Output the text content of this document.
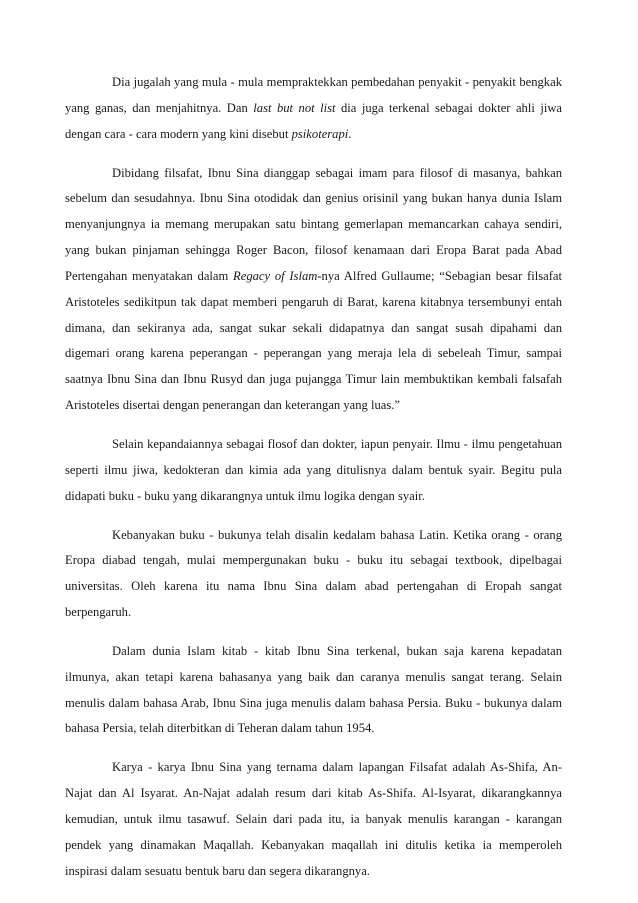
Dia jugalah yang mula - mula mempraktekkan pembedahan penyakit - penyakit bengkak yang ganas, dan menjahitnya. Dan last but not list dia juga terkenal sebagai dokter ahli jiwa dengan cara - cara modern yang kini disebut psikoterapi.

Dibidang filsafat, Ibnu Sina dianggap sebagai imam para filosof di masanya, bahkan sebelum dan sesudahnya. Ibnu Sina otodidak dan genius orisinil yang bukan hanya dunia Islam menyanjungnya ia memang merupakan satu bintang gemerlapan memancarkan cahaya sendiri, yang bukan pinjaman sehingga Roger Bacon, filosof kenamaan dari Eropa Barat pada Abad Pertengahan menyatakan dalam Regacy of Islam-nya Alfred Gullaume; “Sebagian besar filsafat Aristoteles sedikitpun tak dapat memberi pengaruh di Barat, karena kitabnya tersembunyi entah dimana, dan sekiranya ada, sangat sukar sekali didapatnya dan sangat susah dipahami dan digemari orang karena peperangan - peperangan yang meraja lela di sebeleah Timur, sampai saatnya Ibnu Sina dan Ibnu Rusyd dan juga pujangga Timur lain membuktikan kembali falsafah Aristoteles disertai dengan penerangan dan keterangan yang luas.”

Selain kepandaiannya sebagai flosof dan dokter, iapun penyair. Ilmu - ilmu pengetahuan seperti ilmu jiwa, kedokteran dan kimia ada yang ditulisnya dalam bentuk syair. Begitu pula didapati buku - buku yang dikarangnya untuk ilmu logika dengan syair.

Kebanyakan buku - bukunya telah disalin kedalam bahasa Latin. Ketika orang - orang Eropa diabad tengah, mulai mempergunakan buku - buku itu sebagai textbook, dipelbagai universitas. Oleh karena itu nama Ibnu Sina dalam abad pertengahan di Eropah sangat berpengaruh.

Dalam dunia Islam kitab - kitab Ibnu Sina terkenal, bukan saja karena kepadatan ilmunya, akan tetapi karena bahasanya yang baik dan caranya menulis sangat terang. Selain menulis dalam bahasa Arab, Ibnu Sina juga menulis dalam bahasa Persia. Buku - bukunya dalam bahasa Persia, telah diterbitkan di Teheran dalam tahun 1954.

Karya - karya Ibnu Sina yang ternama dalam lapangan Filsafat adalah As-Shifa, An-Najat dan Al Isyarat. An-Najat adalah resum dari kitab As-Shifa. Al-Isyarat, dikarangkannya kemudian, untuk ilmu tasawuf. Selain dari pada itu, ia banyak menulis karangan - karangan pendek yang dinamakan Maqallah. Kebanyakan maqallah ini ditulis ketika ia memperoleh inspirasi dalam sesuatu bentuk baru dan segera dikarangnya.
